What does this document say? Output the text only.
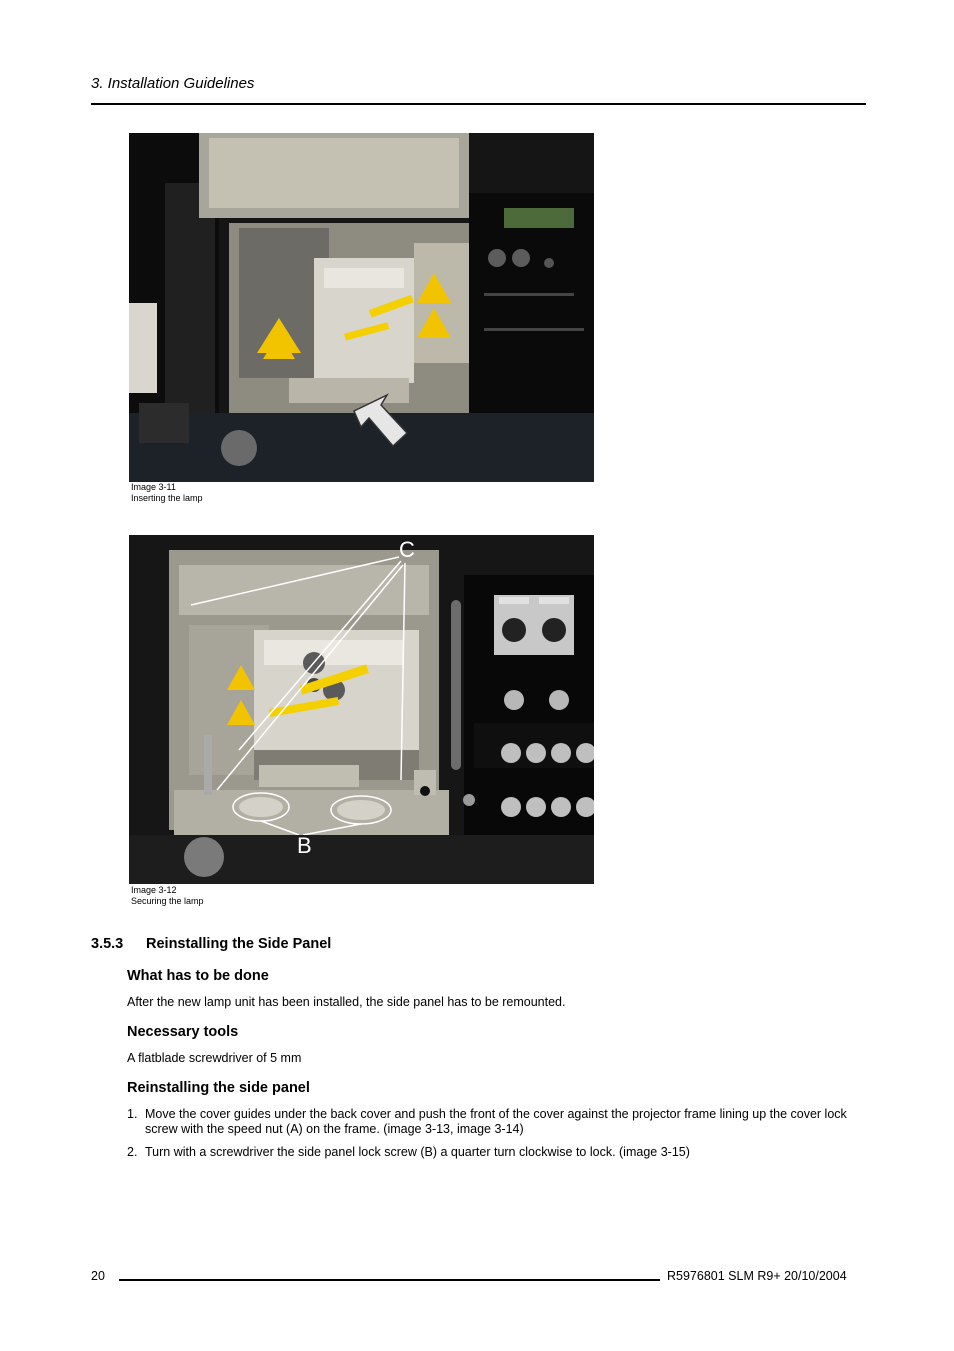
3. Installation Guidelines
Image 3-11
Inserting the lamp
C
B
Image 3-12
Securing the lamp
3.5.3 Reinstalling the Side Panel
What has to be done
After the new lamp unit has been installed, the side panel has to be remounted.
Necessary tools
A flatblade screwdriver of 5 mm
Reinstalling the side panel
1. Move the cover guides under the back cover and push the front of the cover against the projector frame lining up the cover lock screw with the speed nut (A) on the frame. (image 3-13, image 3-14)
2. Turn with a screwdriver the side panel lock screw (B) a quarter turn clockwise to lock. (image 3-15)
20	R5976801 SLM R9+ 20/10/2004
